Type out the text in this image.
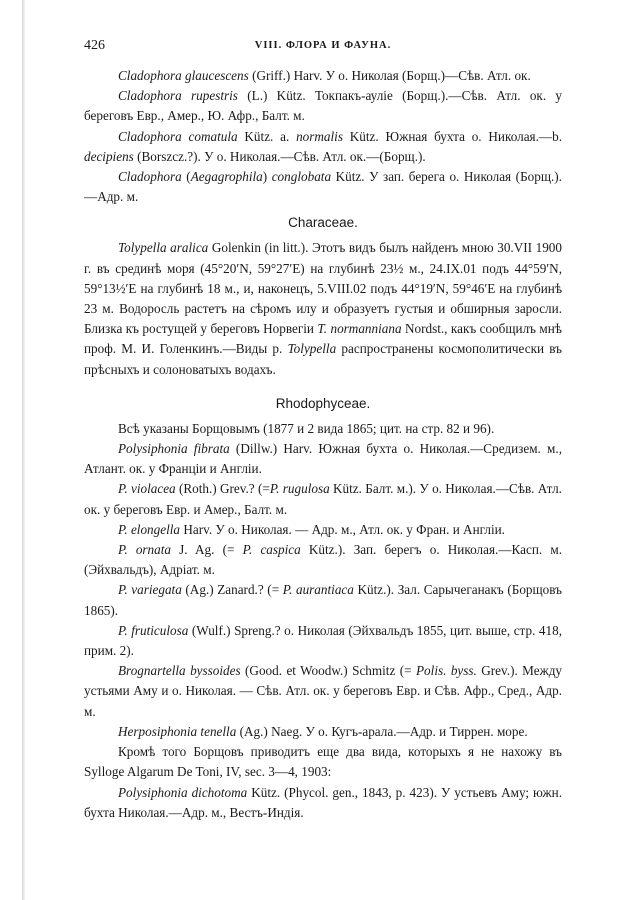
426	VIII. ФЛОРА И ФАУНА.

Cladophora glaucescens (Griff.) Harv. У о. Николая (Борщ.)—Сѣв. Атл. ок.

Cladophora rupestris (L.) Kütz. Токпакъ-ауліе (Борщ.).—Сѣв. Атл. ок. у береговъ Евр., Амер., Ю. Афр., Балт. м.

Cladophora comatula Kütz. a. normalis Kütz. Южная бухта о. Николая.—b. decipiens (Borszcz.?). У о. Николая.—Сѣв. Атл. ок.—(Борщ.).

Cladophora (Aegagrophila) conglobata Kütz. У зап. берега о. Николая (Борщ.).—Адр. м.

Characeae.

Tolypella aralica Golenkin (in litt.). Этотъ видъ былъ найденъ мною 30.VII 1900 г. въ срединѣ моря (45°20′N, 59°27′E) на глубинѣ 23½ м., 24.IX.01 подъ 44°59′N, 59°13½′E на глубинѣ 18 м., и, наконецъ, 5.VIII.02 подъ 44°19′N, 59°46′E на глубинѣ 23 м. Водоросль растетъ на сѣромъ илу и образуетъ густыя и обширныя заросли. Близка къ ростущей у береговъ Норвегіи T. normanniana Nordst., какъ сообщилъ мнѣ проф. М. И. Голенкинъ.—Виды р. Tolypella распространены космополитически въ прѣсныхъ и солоноватыхъ водахъ.

Rhodophyceae.

Всѣ указаны Борщовымъ (1877 и 2 вида 1865; цит. на стр. 82 и 96).

Polysiphonia fibrata (Dillw.) Harv. Южная бухта о. Николая.—Средизем. м., Атлант. ок. у Франціи и Англіи.

P. violacea (Roth.) Grev.? (=P. rugulosa Kütz. Балт. м.). У о. Николая.—Сѣв. Атл. ок. у береговъ Евр. и Амер., Балт. м.

P. elongella Harv. У о. Николая. — Адр. м., Атл. ок. у Фран. и Англіи.

P. ornata J. Ag. (= P. caspica Kütz.). Зап. берегъ о. Николая.—Касп. м. (Эйхвальдъ), Адріат. м.

P. variegata (Ag.) Zanard.? (= P. aurantiaca Kütz.). Зал. Сарычеганакъ (Борщовъ 1865).

P. fruticulosa (Wulf.) Spreng.? о. Николая (Эйхвальдъ 1855, цит. выше, стр. 418, прим. 2).

Brognartella byssoides (Good. et Woodw.) Schmitz (= Polis. byss. Grev.). Между устьями Аму и о. Николая. — Сѣв. Атл. ок. у береговъ Евр. и Сѣв. Афр., Сред., Адр. м.

Herposiphonia tenella (Ag.) Naeg. У о. Кугъ-арала.—Адр. и Тиррен. море.

Кромѣ того Борщовъ приводитъ еще два вида, которыхъ я не нахожу въ Sylloge Algarum De Toni, IV, sec. 3—4, 1903:

Polysiphonia dichotoma Kütz. (Phycol. gen., 1843, р. 423). У устьевъ Аму; южн. бухта Николая.—Адр. м., Вестъ-Индія.
